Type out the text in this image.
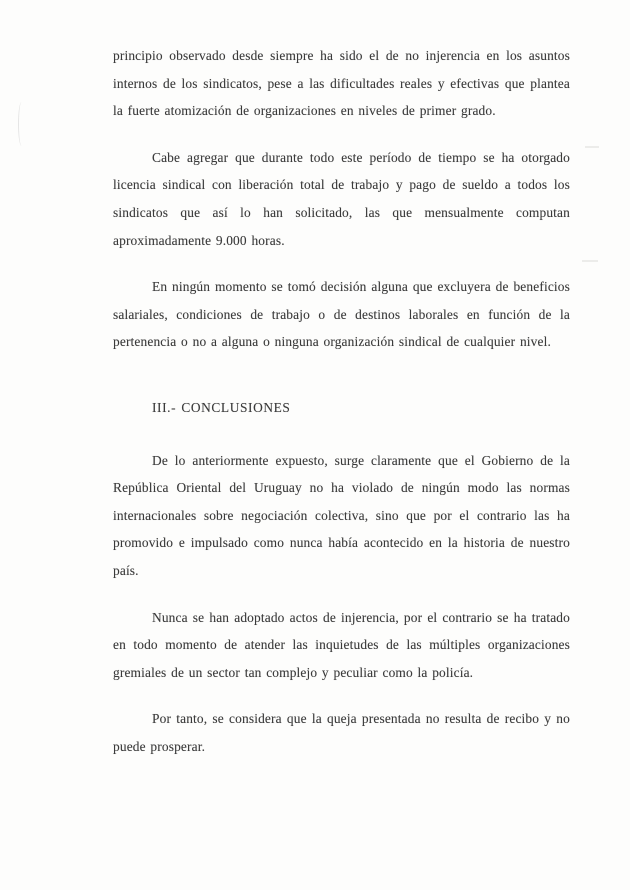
principio observado desde siempre ha sido el de no injerencia en los asuntos internos de los sindicatos, pese a las dificultades reales y efectivas que plantea la fuerte atomización de organizaciones en niveles de primer grado.

Cabe agregar que durante todo este período de tiempo se ha otorgado licencia sindical con liberación total de trabajo y pago de sueldo a todos los sindicatos que así lo han solicitado, las que mensualmente computan aproximadamente 9.000 horas.

En ningún momento se tomó decisión alguna que excluyera de beneficios salariales, condiciones de trabajo o de destinos laborales en función de la pertenencia o no a alguna o ninguna organización sindical de cualquier nivel.

III.- CONCLUSIONES

De lo anteriormente expuesto, surge claramente que el Gobierno de la República Oriental del Uruguay no ha violado de ningún modo las normas internacionales sobre negociación colectiva, sino que por el contrario las ha promovido e impulsado como nunca había acontecido en la historia de nuestro país.

Nunca se han adoptado actos de injerencia, por el contrario se ha tratado en todo momento de atender las inquietudes de las múltiples organizaciones gremiales de un sector tan complejo y peculiar como la policía.

Por tanto, se considera que la queja presentada no resulta de recibo y no puede prosperar.
